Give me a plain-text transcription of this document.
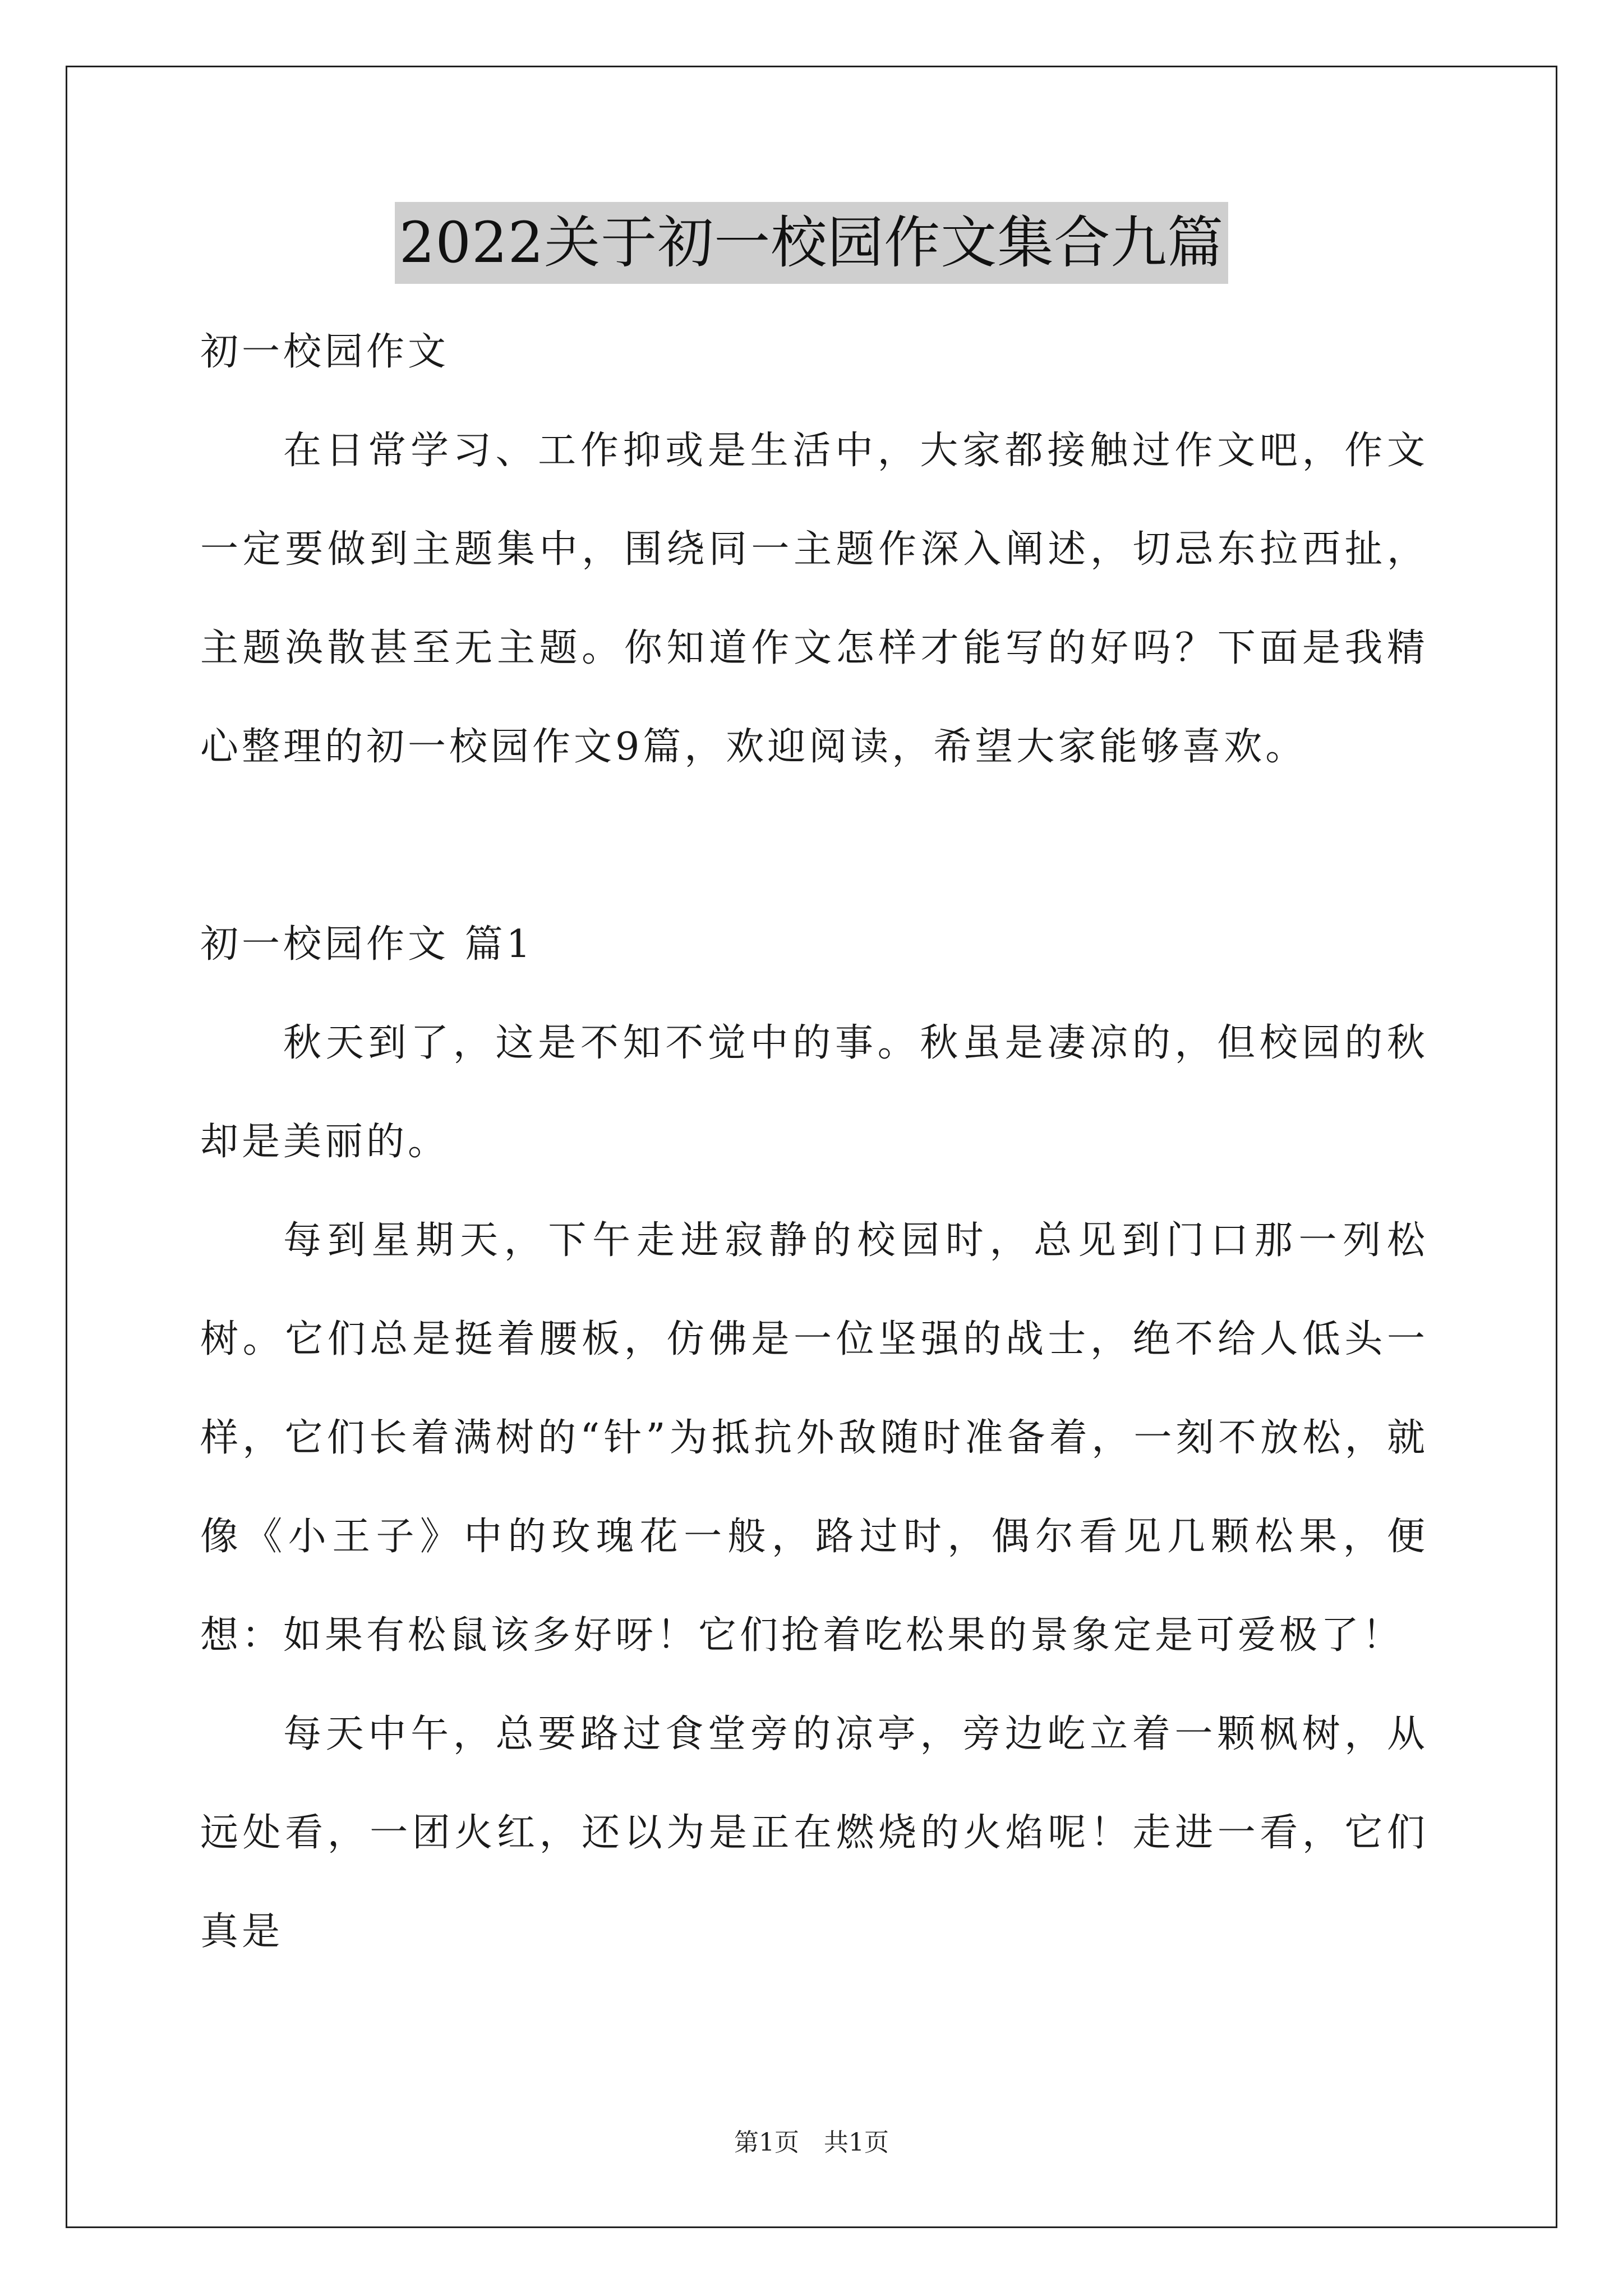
2022关于初一校园作文集合九篇

初一校园作文

在日常学习、工作抑或是生活中，大家都接触过作文吧，作文一定要做到主题集中，围绕同一主题作深入阐述，切忌东拉西扯，主题涣散甚至无主题。你知道作文怎样才能写的好吗？下面是我精心整理的初一校园作文9篇，欢迎阅读，希望大家能够喜欢。

初一校园作文 篇1

秋天到了，这是不知不觉中的事。秋虽是凄凉的，但校园的秋却是美丽的。

每到星期天，下午走进寂静的校园时，总见到门口那一列松树。它们总是挺着腰板，仿佛是一位坚强的战士，绝不给人低头一样，它们长着满树的“针”为抵抗外敌随时准备着，一刻不放松，就像《小王子》中的玫瑰花一般，路过时，偶尔看见几颗松果，便想：如果有松鼠该多好呀！它们抢着吃松果的景象定是可爱极了！

每天中午，总要路过食堂旁的凉亭，旁边屹立着一颗枫树，从远处看，一团火红，还以为是正在燃烧的火焰呢！走进一看，它们真是

第1页 共1页
